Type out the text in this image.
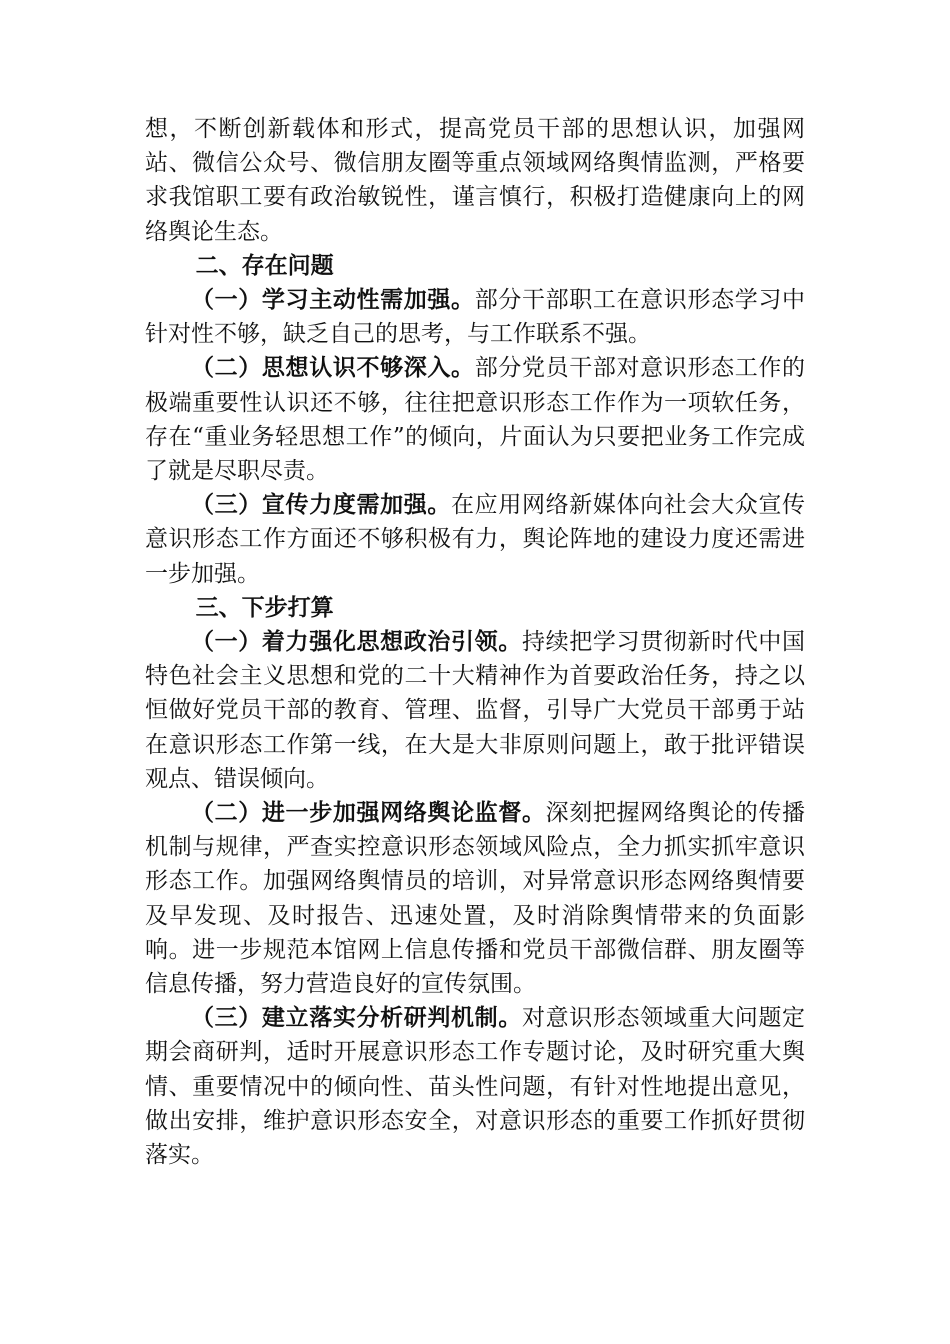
想，不断创新载体和形式，提高党员干部的思想认识，加强网站、微信公众号、微信朋友圈等重点领域网络舆情监测，严格要求我馆职工要有政治敏锐性，谨言慎行，积极打造健康向上的网络舆论生态。

二、存在问题

（一）学习主动性需加强。部分干部职工在意识形态学习中针对性不够，缺乏自己的思考，与工作联系不强。

（二）思想认识不够深入。部分党员干部对意识形态工作的极端重要性认识还不够，往往把意识形态工作作为一项软任务，存在“重业务轻思想工作”的倾向，片面认为只要把业务工作完成了就是尽职尽责。

（三）宣传力度需加强。在应用网络新媒体向社会大众宣传意识形态工作方面还不够积极有力，舆论阵地的建设力度还需进一步加强。

三、下步打算

（一）着力强化思想政治引领。持续把学习贯彻新时代中国特色社会主义思想和党的二十大精神作为首要政治任务，持之以恒做好党员干部的教育、管理、监督，引导广大党员干部勇于站在意识形态工作第一线，在大是大非原则问题上，敢于批评错误观点、错误倾向。

（二）进一步加强网络舆论监督。深刻把握网络舆论的传播机制与规律，严查实控意识形态领域风险点，全力抓实抓牢意识形态工作。加强网络舆情员的培训，对异常意识形态网络舆情要及早发现、及时报告、迅速处置，及时消除舆情带来的负面影响。进一步规范本馆网上信息传播和党员干部微信群、朋友圈等信息传播，努力营造良好的宣传氛围。

（三）建立落实分析研判机制。对意识形态领域重大问题定期会商研判，适时开展意识形态工作专题讨论，及时研究重大舆情、重要情况中的倾向性、苗头性问题，有针对性地提出意见，做出安排，维护意识形态安全，对意识形态的重要工作抓好贯彻落实。
